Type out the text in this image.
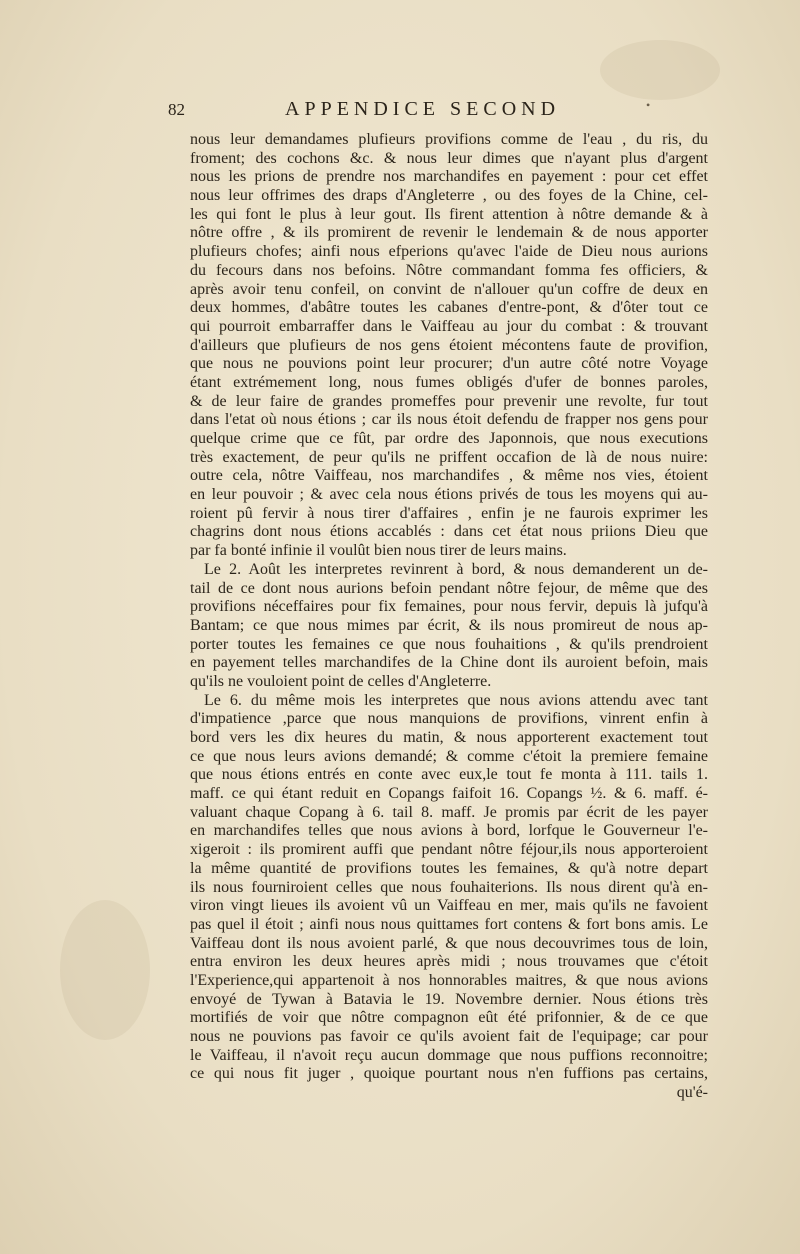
82	APPENDICE SECOND	•
nous leur demandames plufieurs provifions comme de l'eau , du ris, du
froment; des cochons &c. & nous leur dimes que n'ayant plus d'argent
nous les prions de prendre nos marchandifes en payement : pour cet effet
nous leur offrimes des draps d'Angleterre , ou des foyes de la Chine, cel-
les qui font le plus à leur gout. Ils firent attention à nôtre demande & à
nôtre offre , & ils promirent de revenir le lendemain & de nous apporter
plufieurs chofes; ainfi nous efperions qu'avec l'aide de Dieu nous aurions
du fecours dans nos befoins. Nôtre commandant fomma fes officiers, &
après avoir tenu confeil, on convint de n'allouer qu'un coffre de deux en
deux hommes, d'abâtre toutes les cabanes d'entre-pont, & d'ôter tout ce
qui pourroit embarraffer dans le Vaiffeau au jour du combat : & trouvant
d'ailleurs que plufieurs de nos gens étoient mécontens faute de provifion,
que nous ne pouvions point leur procurer; d'un autre côté notre Voyage
étant extrémement long, nous fumes obligés d'ufer de bonnes paroles,
& de leur faire de grandes promeffes pour prevenir une revolte, fur tout
dans l'etat où nous étions ; car ils nous étoit defendu de frapper nos gens pour
quelque crime que ce fût, par ordre des Japonnois, que nous executions
très exactement, de peur qu'ils ne priffent occafion de là de nous nuire:
outre cela, nôtre Vaiffeau, nos marchandifes , & même nos vies, étoient
en leur pouvoir ; & avec cela nous étions privés de tous les moyens qui au-
roient pû fervir à nous tirer d'affaires , enfin je ne faurois exprimer les
chagrins dont nous étions accablés : dans cet état nous priions Dieu que
par fa bonté infinie il voulût bien nous tirer de leurs mains.
Le 2. Août les interpretes revinrent à bord, & nous demanderent un de-
tail de ce dont nous aurions befoin pendant nôtre fejour, de même que des
provifions néceffaires pour fix femaines, pour nous fervir, depuis là jufqu'à
Bantam; ce que nous mimes par écrit, & ils nous promireut de nous ap-
porter toutes les femaines ce que nous fouhaitions , & qu'ils prendroient
en payement telles marchandifes de la Chine dont ils auroient befoin, mais
qu'ils ne vouloient point de celles d'Angleterre.
Le 6. du même mois les interpretes que nous avions attendu avec tant
d'impatience ,parce que nous manquions de provifions, vinrent enfin à
bord vers les dix heures du matin, & nous apporterent exactement tout
ce que nous leurs avions demandé; & comme c'étoit la premiere femaine
que nous étions entrés en conte avec eux,le tout fe monta à 111. tails 1.
maff. ce qui étant reduit en Copangs faifoit 16. Copangs ½. & 6. maff. é-
valuant chaque Copang à 6. tail 8. maff. Je promis par écrit de les payer
en marchandifes telles que nous avions à bord, lorfque le Gouverneur l'e-
xigeroit : ils promirent auffi que pendant nôtre féjour,ils nous apporteroient
la même quantité de provifions toutes les femaines, & qu'à notre depart
ils nous fourniroient celles que nous fouhaiterions. Ils nous dirent qu'à en-
viron vingt lieues ils avoient vû un Vaiffeau en mer, mais qu'ils ne favoient
pas quel il étoit ; ainfi nous nous quittames fort contens & fort bons amis. Le
Vaiffeau dont ils nous avoient parlé, & que nous decouvrimes tous de loin,
entra environ les deux heures après midi ; nous trouvames que c'étoit
l'Experience,qui appartenoit à nos honnorables maitres, & que nous avions
envoyé de Tywan à Batavia le 19. Novembre dernier. Nous étions très
mortifiés de voir que nôtre compagnon eût été prifonnier, & de ce que
nous ne pouvions pas favoir ce qu'ils avoient fait de l'equipage; car pour
le Vaiffeau, il n'avoit reçu aucun dommage que nous puffions reconnoitre;
ce qui nous fit juger , quoique pourtant nous n'en fuffions pas certains,
qu'é-
